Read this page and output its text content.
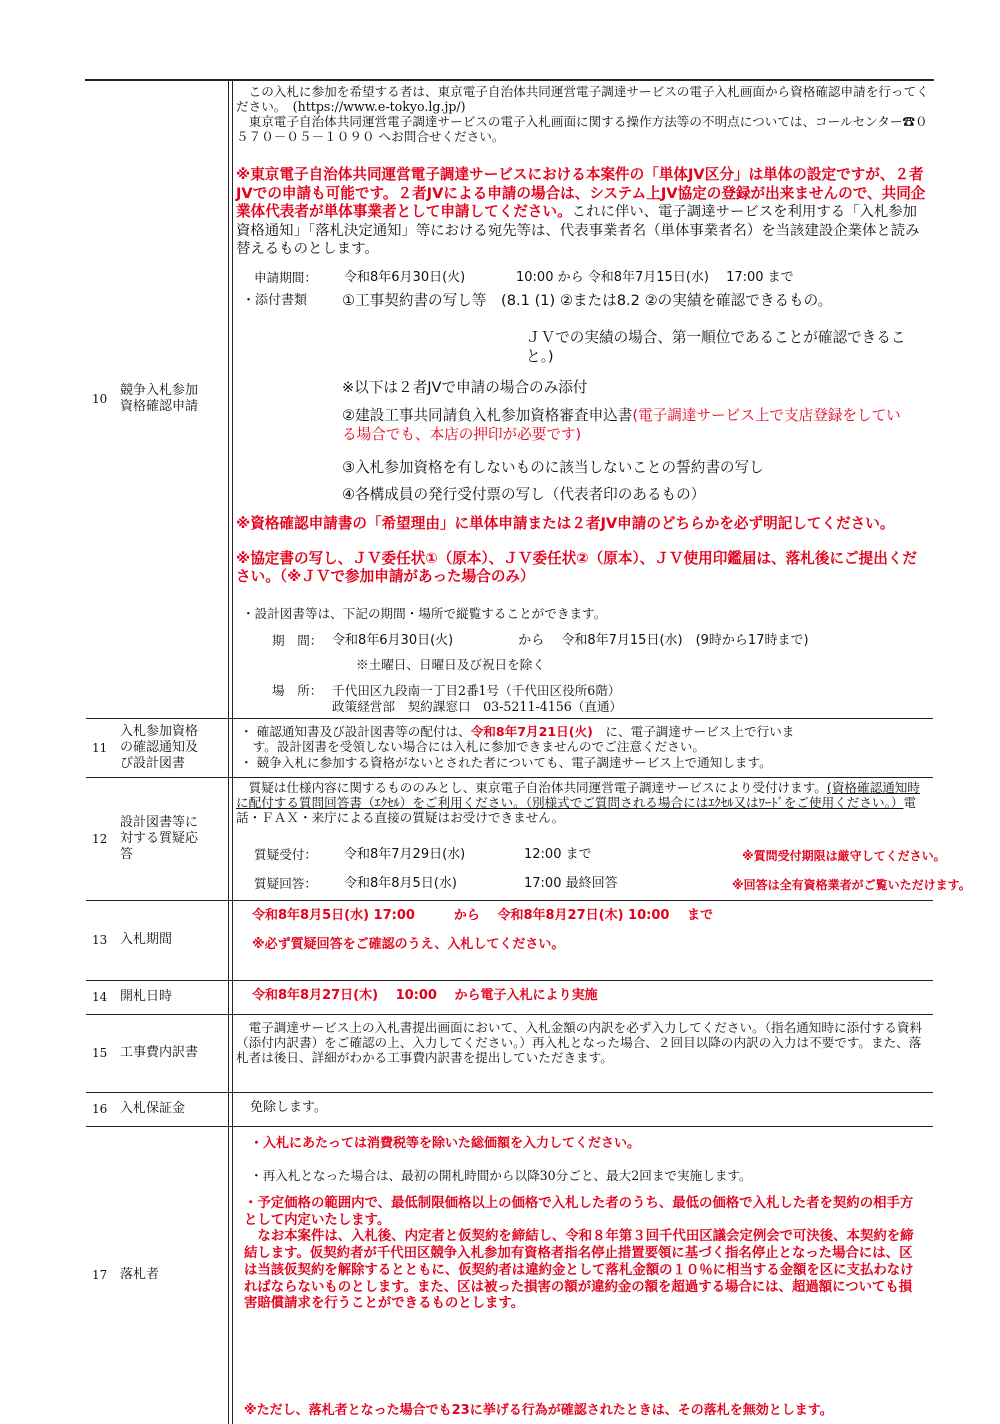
10
競争入札参加
資格確認申請

　この入札に参加を希望する者は、東京電子自治体共同運営電子調達サービスの電子入札画面から資格確認申請を行ってください。　(https://www.e-tokyo.lg.jp/)
　東京電子自治体共同運営電子調達サービスの電子入札画面に関する操作方法等の不明点については、コールセンター☎０５７０－０５－１０９０ へお問合せください。

※東京電子自治体共同運営電子調達サービスにおける本案件の「単体JV区分」は単体の設定ですが、２者JVでの申請も可能です。２者JVによる申請の場合は、システム上JV協定の登録が出来ませんので、共同企業体代表者が単体事業者として申請してください。これに伴い、電子調達サービスを利用する「入札参加資格通知」「落札決定通知」等における宛先等は、代表事業者名（単体事業者名）を当該建設企業体と読み替えるものとします。

申請期間： 令和8年6月30日(火)	10:00 から 令和8年7月15日(水)　 17:00 まで

・添付書類 ①工事契約書の写し等　(8.1 (1) ②または8.2 ②の実績を確認できるもの。

ＪＶでの実績の場合、第一順位であることが確認できること。)

※以下は２者JVで申請の場合のみ添付

②建設工事共同請負入札参加資格審査申込書(電子調達サービス上で支店登録をしている場合でも、本店の押印が必要です)

③入札参加資格を有しないものに該当しないことの誓約書の写し

④各構成員の発行受付票の写し（代表者印のあるもの）

※資格確認申請書の「希望理由」に単体申請または２者JV申請のどちらかを必ず明記してください。

※協定書の写し、ＪＶ委任状①（原本）、ＪＶ委任状②（原本）、ＪＶ使用印鑑届は、落札後にご提出ください。（※ＪＶで参加申請があった場合のみ）

・設計図書等は、下記の期間・場所で縦覧することができます。

期　間： 令和8年6月30日(火)　　　　　から　 令和8年7月15日(水)　(9時から17時まで)

※土曜日、日曜日及び祝日を除く

場　所： 千代田区九段南一丁目2番1号（千代田区役所6階）

政策経営部　契約課窓口　03-5211-4156（直通）

11
入札参加資格
の確認通知及
び設計図書

・ 確認通知書及び設計図書等の配付は、令和8年7月21日(火)　に、電子調達サービス上で行いま

　す。設計図書を受領しない場合には入札に参加できませんのでご注意ください。

・ 競争入札に参加する資格がないとされた者についても、電子調達サービス上で通知します。

12
設計図書等に
対する質疑応
答

　質疑は仕様内容に関するもののみとし、東京電子自治体共同運営電子調達サービスにより受付けます。(資格確認通知時に配付する質問回答書（ｴｸｾﾙ）をご利用ください。（別様式でご質問される場合にはｴｸｾﾙ又はﾜｰﾄﾞをご使用ください。）電話・ＦＡＸ・来庁による直接の質疑はお受けできません。

質疑受付： 令和8年7月29日(水)	12:00 まで	※質問受付期限は厳守してください。

質疑回答： 令和8年8月5日(水)	17:00 最終回答	※回答は全有資格業者がご覧いただけます。

13 入札期間

令和8年8月5日(水) 17:00　　　から　 令和8年8月27日(木) 10:00　 まで

※必ず質疑回答をご確認のうえ、入札してください。

14 開札日時	令和8年8月27日(木)　 10:00　 から電子入札により実施

15 工事費内訳書

　電子調達サービス上の入札書提出画面において、入札金額の内訳を必ず入力してください。（指名通知時に添付する資料（添付内訳書）をご確認の上、入力してください。）再入札となった場合、２回目以降の内訳の入力は不要です。また、落札者は後日、詳細がわかる工事費内訳書を提出していただきます。

16 入札保証金	免除します。

17 落札者

・入札にあたっては消費税等を除いた総価額を入力してください。

・再入札となった場合は、最初の開札時間から以降30分ごと、最大2回まで実施します。

・予定価格の範囲内で、最低制限価格以上の価格で入札した者のうち、最低の価格で入札した者を契約の相手方として内定いたします。
　なお本案件は、入札後、内定者と仮契約を締結し、令和８年第３回千代田区議会定例会で可決後、本契約を締結します。仮契約者が千代田区競争入札参加有資格者指名停止措置要領に基づく指名停止となった場合には、区は当該仮契約を解除するとともに、仮契約者は違約金として落札金額の１０％に相当する金額を区に支払わなければならないものとします。また、区は被った損害の額が違約金の額を超過する場合には、超過額についても損害賠償請求を行うことができるものとします。

※ただし、落札者となった場合でも23に挙げる行為が確認されたときは、その落札を無効とします。
